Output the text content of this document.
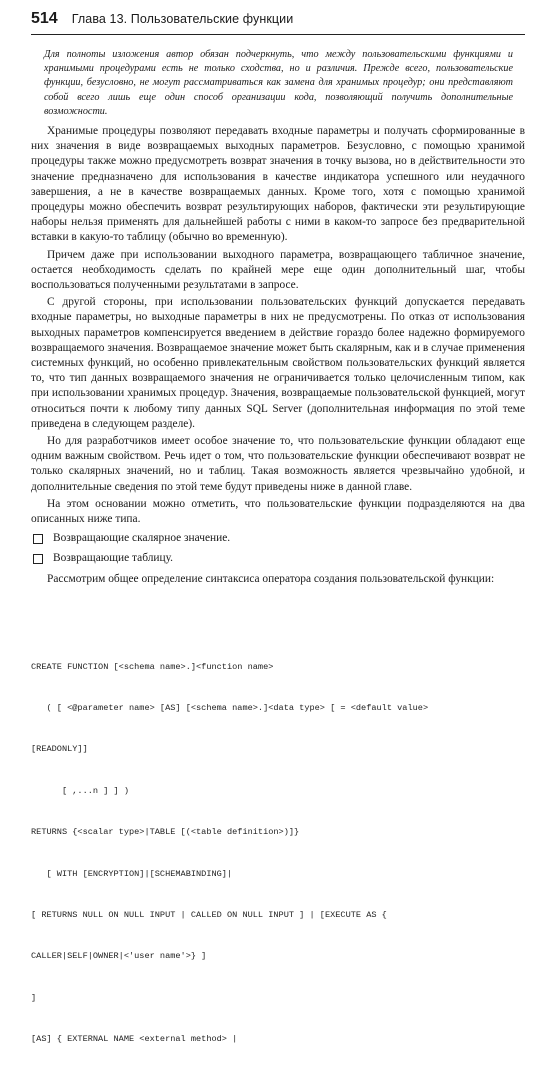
514 Глава 13. Пользовательские функции
Для полноты изложения автор обязан подчеркнуть, что между пользовательскими функциями и хранимыми процедурами есть не только сходства, но и различия. Прежде всего, пользовательские функции, безусловно, не могут рассматриваться как замена для хранимых процедур; они представляют собой всего лишь еще один способ организации кода, позволяющий получить дополнительные возможности.

Хранимые процедуры позволяют передавать входные параметры и получать сформированные в них значения в виде возвращаемых выходных параметров. Безусловно, с помощью хранимой процедуры также можно предусмотреть возврат значения в точку вызова, но в действительности это значение предназначено для использования в качестве индикатора успешного или неудачного завершения, а не в качестве возвращаемых данных. Кроме того, хотя с помощью хранимой процедуры можно обеспечить возврат результирующих наборов, фактически эти результирующие наборы нельзя применять для дальнейшей работы с ними в каком-то запросе без предварительной вставки в какую-то таблицу (обычно во временную).

Причем даже при использовании выходного параметра, возвращающего табличное значение, остается необходимость сделать по крайней мере еще один дополнительный шаг, чтобы воспользоваться полученными результатами в запросе.

С другой стороны, при использовании пользовательских функций допускается передавать входные параметры, но выходные параметры в них не предусмотрены. По отказ от использования выходных параметров компенсируется введением в действие гораздо более надежно формируемого возвращаемого значения. Возвращаемое значение может быть скалярным, как и в случае применения системных функций, но особенно привлекательным свойством пользовательских функций является то, что тип данных возвращаемого значения не ограничивается только целочисленным типом, как при использовании хранимых процедур. Значения, возвращаемые пользовательской функцией, могут относиться почти к любому типу данных SQL Server (дополнительная информация по этой теме приведена в следующем разделе).

Но для разработчиков имеет особое значение то, что пользовательские функции обладают еще одним важным свойством. Речь идет о том, что пользовательские функции обеспечивают возврат не только скалярных значений, но и таблиц. Такая возможность является чрезвычайно удобной, и дополнительные сведения по этой теме будут приведены ниже в данной главе.

На этом основании можно отметить, что пользовательские функции подразделяются на два описанных ниже типа.

Возвращающие скалярное значение.
Возвращающие таблицу.

Рассмотрим общее определение синтаксиса оператора создания пользовательской функции:

CREATE FUNCTION [<schema name>.]<function name>

( [ <@parameter name> [AS] [<schema name>.]<data type> [ = <default value>

[READONLY]]

[ ,...n ] ] )

RETURNS {<scalar type>|TABLE [(<table definition>)]}

[ WITH [ENCRYPTION]|[SCHEMABINDING]|

[ RETURNS NULL ON NULL INPUT | CALLED ON NULL INPUT ] | [EXECUTE AS {

CALLER|SELF|OWNER|<'user name'>} ]

]

[AS] { EXTERNAL NAME <external method> |
